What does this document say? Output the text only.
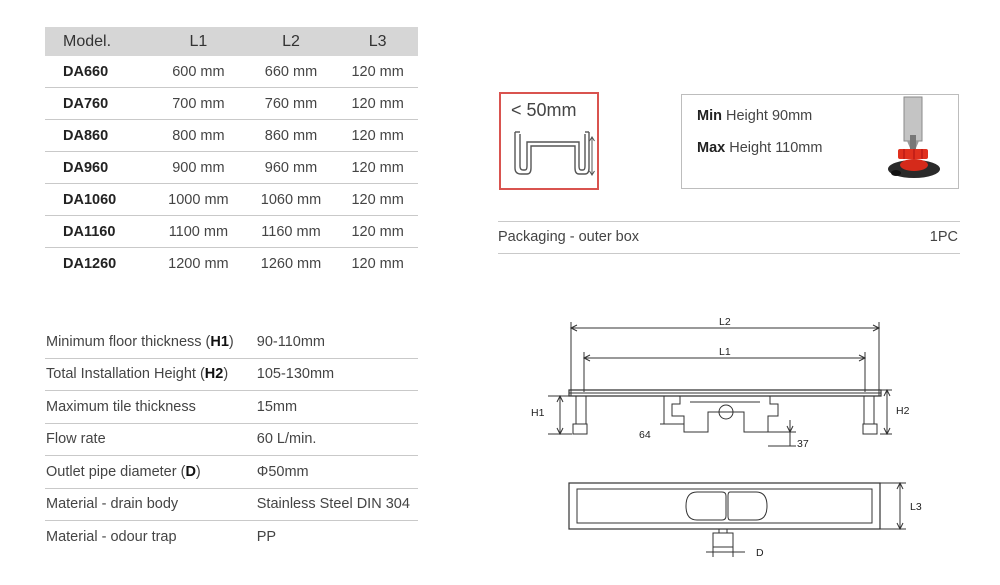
Model.	L1	L2	L3
DA660	600 mm	660 mm	120 mm
DA760	700 mm	760 mm	120 mm
DA860	800 mm	860 mm	120 mm
DA960	900 mm	960 mm	120 mm
DA1060	1000 mm	1060 mm	120 mm
DA1160	1100 mm	1160 mm	120 mm
DA1260	1200 mm	1260 mm	120 mm
< 50mm	Min Height 90mm
Max Height 110mm
Packaging - outer box	1PC
Minimum floor thickness (H1)	90-110mm
Total Installation Height (H2)	105-130mm
Maximum tile thickness	15mm
Flow rate	60 L/min.
Outlet pipe diameter (D)	Φ50mm
Material - drain body	Stainless Steel DIN 304
Material - odour trap	PP
L2
L1
H1	H2
64
37
L3
D
